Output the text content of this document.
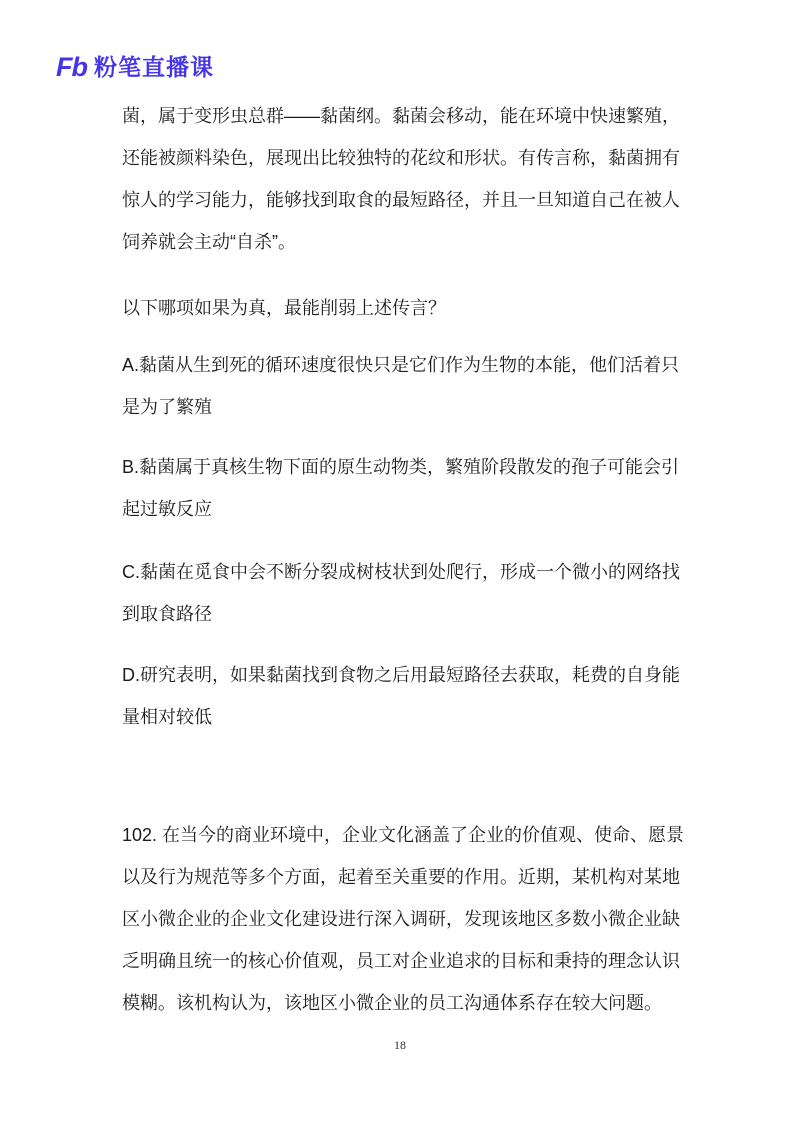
Fb 粉笔直播课
菌，属于变形虫总群——黏菌纲。黏菌会移动，能在环境中快速繁殖，
还能被颜料染色，展现出比较独特的花纹和形状。有传言称，黏菌拥有
惊人的学习能力，能够找到取食的最短路径，并且一旦知道自己在被人
饲养就会主动“自杀”。
以下哪项如果为真，最能削弱上述传言？
A.黏菌从生到死的循环速度很快只是它们作为生物的本能，他们活着只
是为了繁殖
B.黏菌属于真核生物下面的原生动物类，繁殖阶段散发的孢子可能会引
起过敏反应
C.黏菌在觅食中会不断分裂成树枝状到处爬行，形成一个微小的网络找
到取食路径
D.研究表明，如果黏菌找到食物之后用最短路径去获取，耗费的自身能
量相对较低
102. 在当今的商业环境中，企业文化涵盖了企业的价值观、使命、愿景
以及行为规范等多个方面，起着至关重要的作用。近期，某机构对某地
区小微企业的企业文化建设进行深入调研，发现该地区多数小微企业缺
乏明确且统一的核心价值观，员工对企业追求的目标和秉持的理念认识
模糊。该机构认为，该地区小微企业的员工沟通体系存在较大问题。
18
